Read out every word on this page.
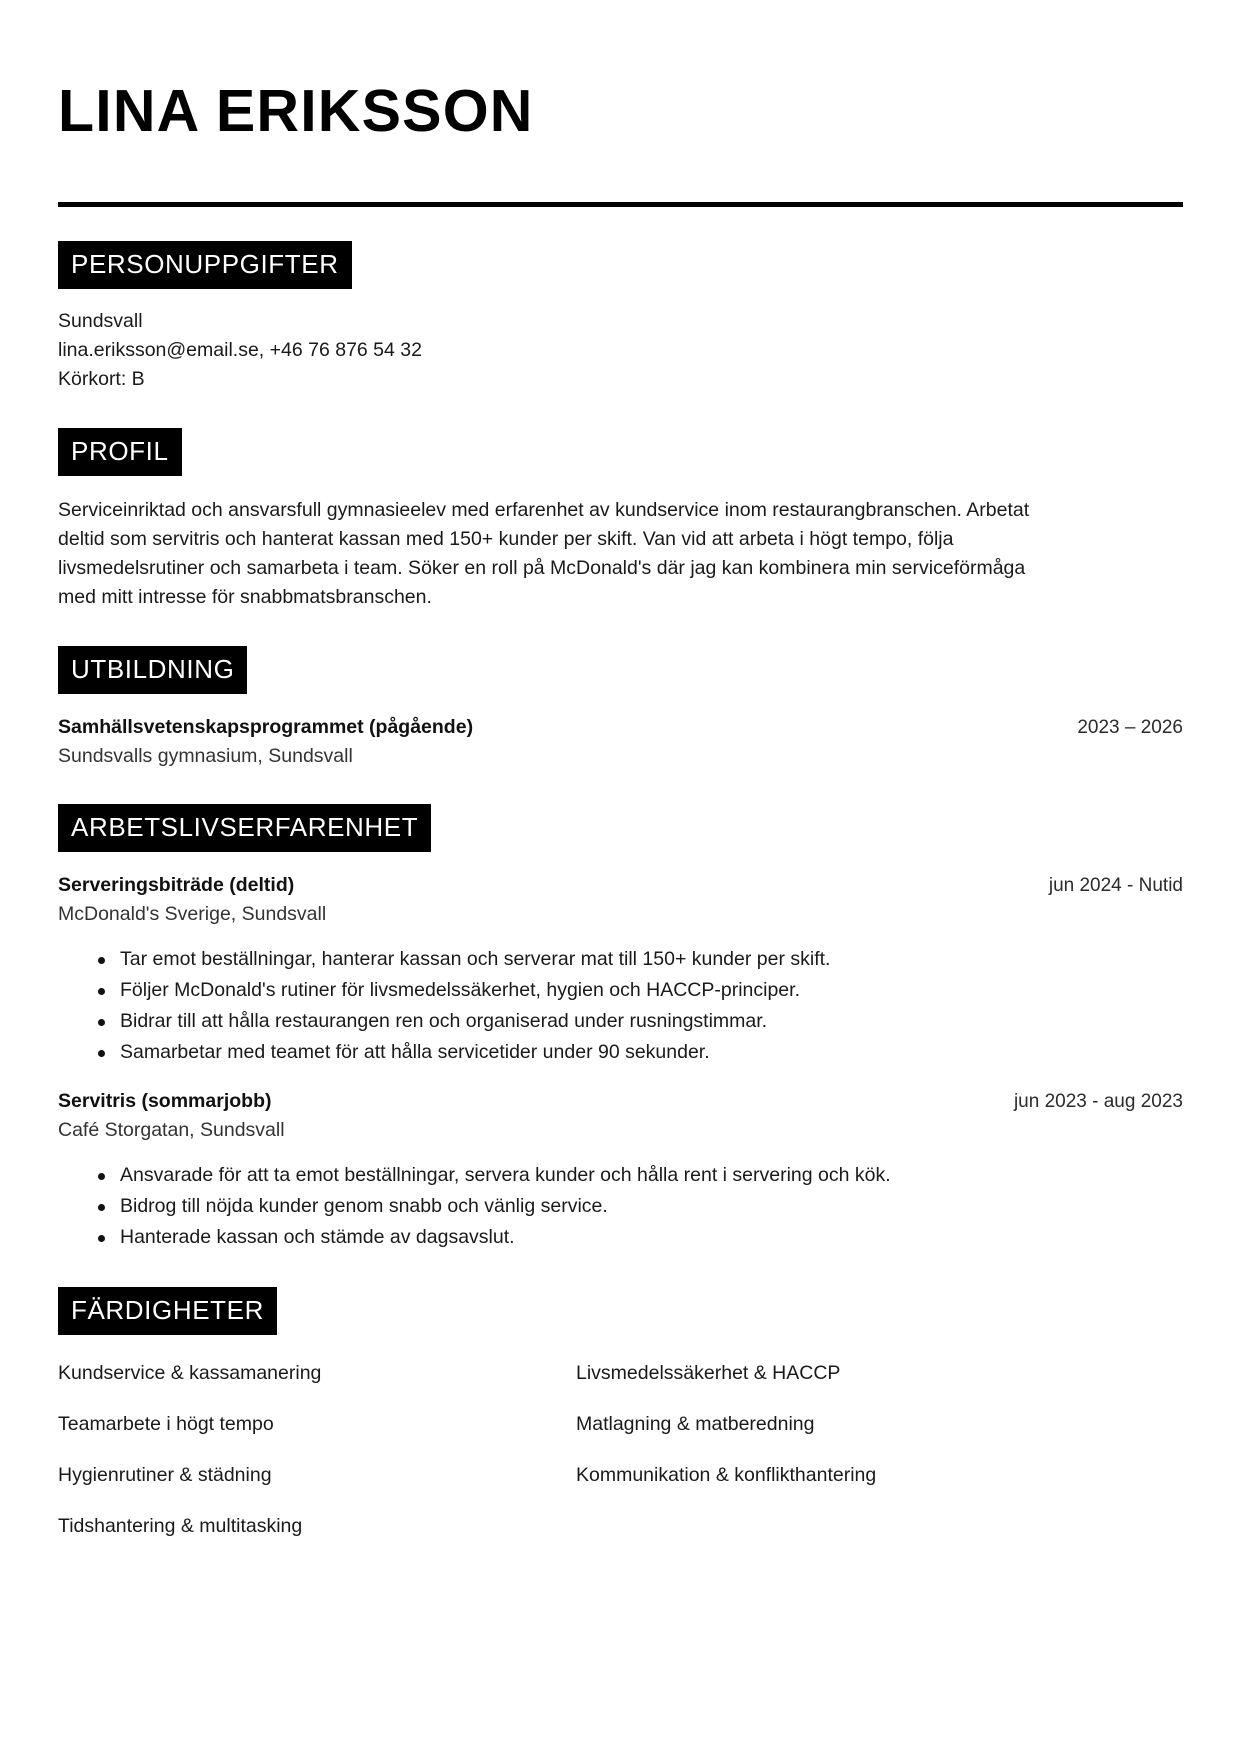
LINA ERIKSSON
PERSONUPPGIFTER
Sundsvall
lina.eriksson@email.se, +46 76 876 54 32
Körkort: B
PROFIL

Serviceinriktad och ansvarsfull gymnasieelev med erfarenhet av kundservice inom restaurangbranschen. Arbetat deltid som servitris och hanterat kassan med 150+ kunder per skift. Van vid att arbeta i högt tempo, följa livsmedelsrutiner och samarbeta i team. Söker en roll på McDonald's där jag kan kombinera min serviceförmåga med mitt intresse för snabbmatsbranschen.

UTBILDNING
Samhällsvetenskapsprogrammet (pågående)	2023 – 2026
Sundsvalls gymnasium, Sundsvall
ARBETSLIVSERFARENHET
Serveringsbiträde (deltid)	jun 2024 - Nutid
McDonald's Sverige, Sundsvall
Tar emot beställningar, hanterar kassan och serverar mat till 150+ kunder per skift.
Följer McDonald's rutiner för livsmedelssäkerhet, hygien och HACCP-principer.
Bidrar till att hålla restaurangen ren och organiserad under rusningstimmar.
Samarbetar med teamet för att hålla servicetider under 90 sekunder.
Servitris (sommarjobb)	jun 2023 - aug 2023
Café Storgatan, Sundsvall
Ansvarade för att ta emot beställningar, servera kunder och hålla rent i servering och kök.
Bidrog till nöjda kunder genom snabb och vänlig service.
Hanterade kassan och stämde av dagsavslut.
FÄRDIGHETER
Kundservice & kassamanering	Livsmedelssäkerhet & HACCP
Teamarbete i högt tempo	Matlagning & matberedning
Hygienrutiner & städning	Kommunikation & konflikthantering
Tidshantering & multitasking
